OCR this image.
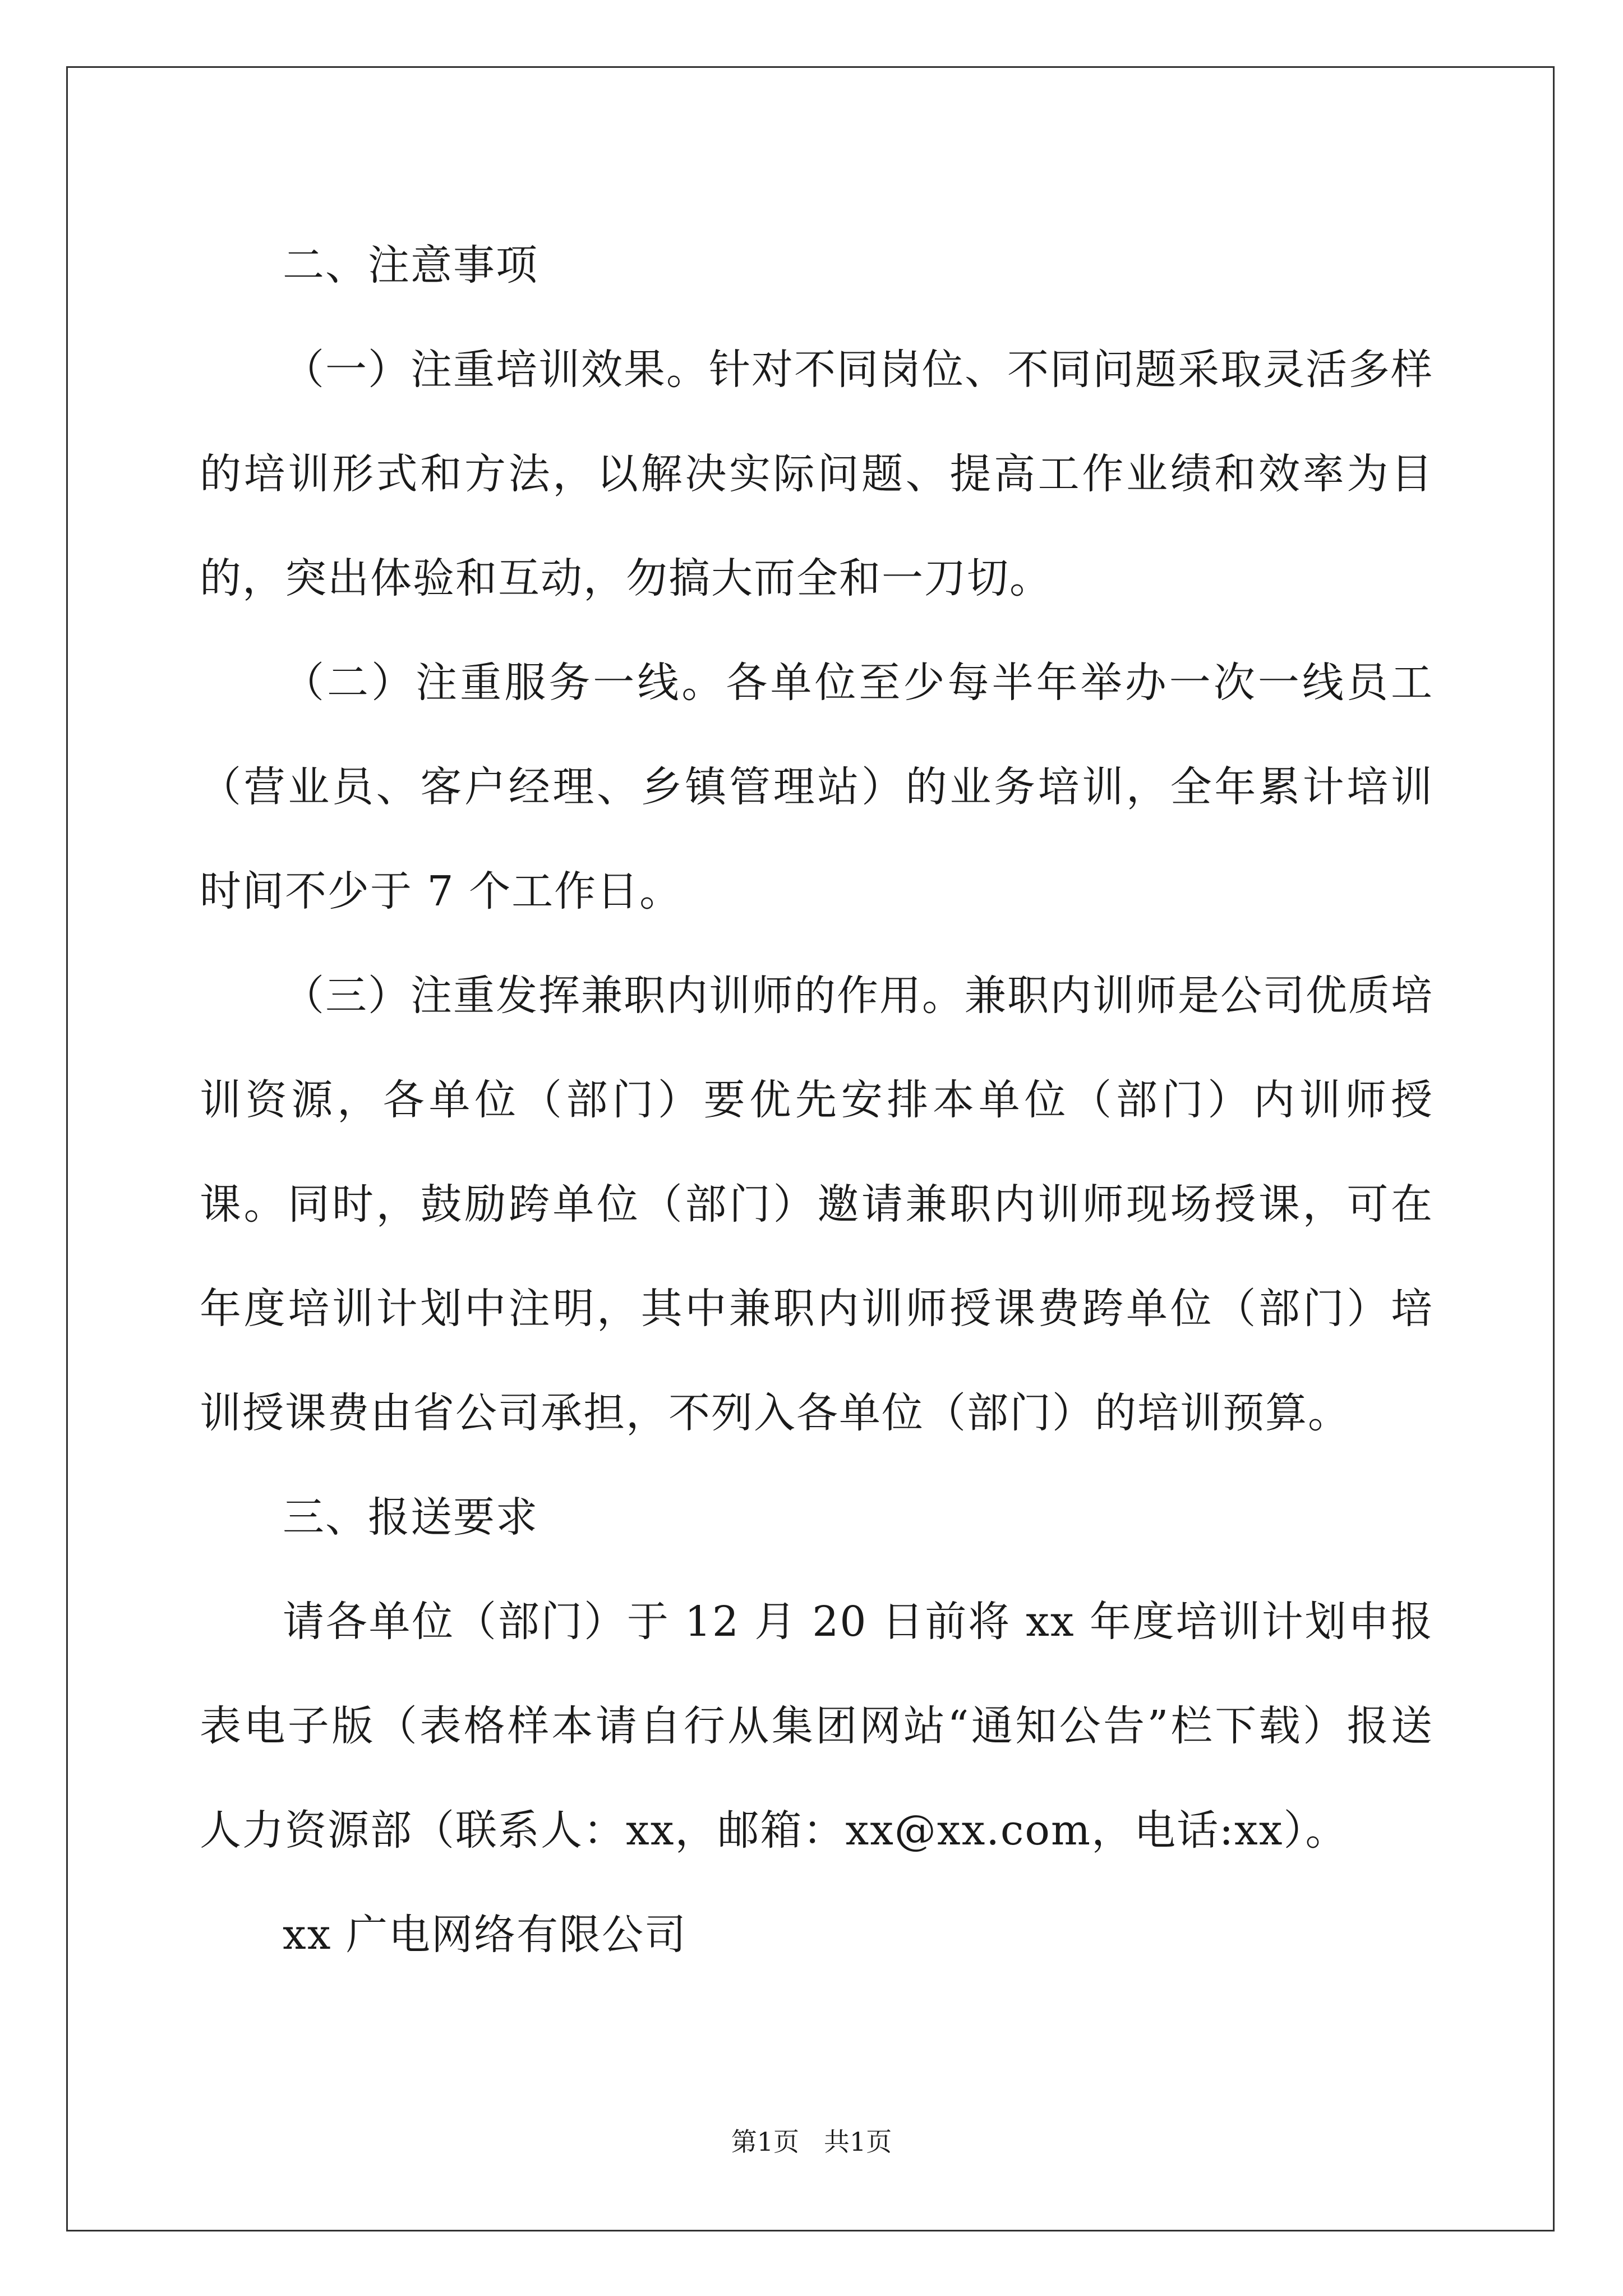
二、注意事项

（一）注重培训效果。针对不同岗位、不同问题采取灵活多样的培训形式和方法，以解决实际问题、提高工作业绩和效率为目的，突出体验和互动，勿搞大而全和一刀切。

（二）注重服务一线。各单位至少每半年举办一次一线员工（营业员、客户经理、乡镇管理站）的业务培训，全年累计培训时间不少于 7 个工作日。

（三）注重发挥兼职内训师的作用。兼职内训师是公司优质培训资源，各单位（部门）要优先安排本单位（部门）内训师授课。同时，鼓励跨单位（部门）邀请兼职内训师现场授课，可在年度培训计划中注明，其中兼职内训师授课费跨单位（部门）培训授课费由省公司承担，不列入各单位（部门）的培训预算。

三、报送要求

请各单位（部门）于 12 月 20 日前将 xx 年度培训计划申报表电子版（表格样本请自行从集团网站“通知公告”栏下载）报送人力资源部（联系人：xx，邮箱：xx@xx.com，电话:xx）。

xx 广电网络有限公司

第1页 共1页
